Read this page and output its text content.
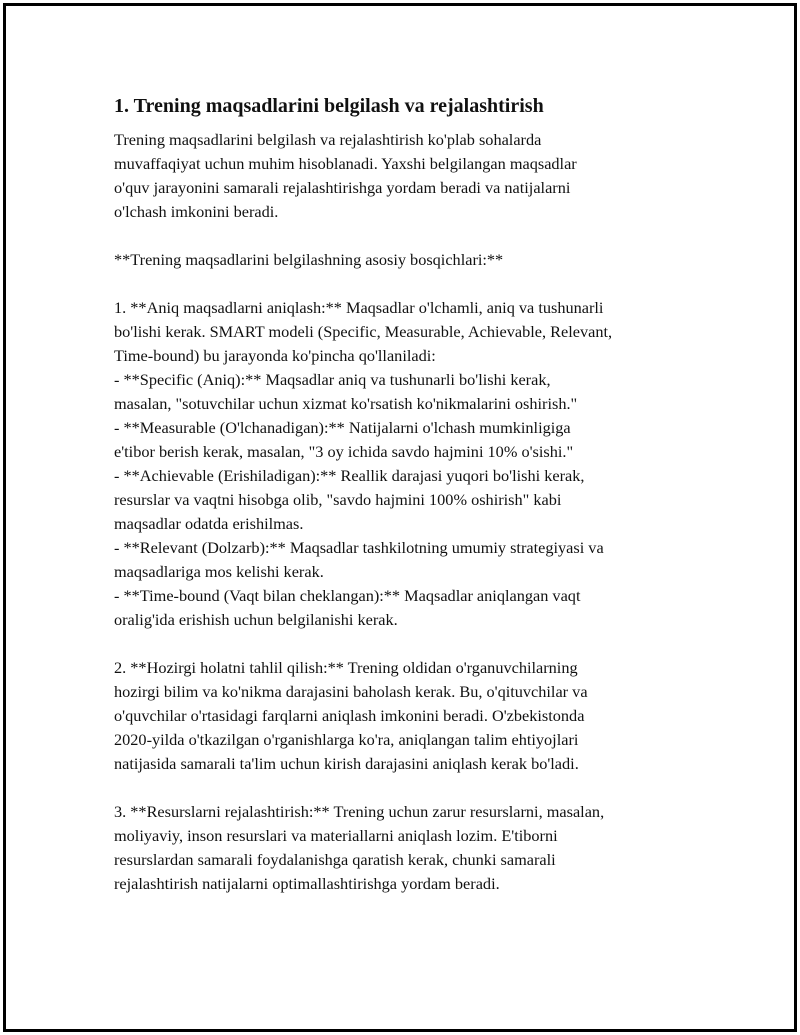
1. Trening maqsadlarini belgilash va rejalashtirish

Trening maqsadlarini belgilash va rejalashtirish ko'plab sohalarda
muvaffaqiyat uchun muhim hisoblanadi. Yaxshi belgilangan maqsadlar
o'quv jarayonini samarali rejalashtirishga yordam beradi va natijalarni
o'lchash imkonini beradi.

**Trening maqsadlarini belgilashning asosiy bosqichlari:**

1. **Aniq maqsadlarni aniqlash:** Maqsadlar o'lchamli, aniq va tushunarli
bo'lishi kerak. SMART modeli (Specific, Measurable, Achievable, Relevant,
Time-bound) bu jarayonda ko'pincha qo'llaniladi:
- **Specific (Aniq):** Maqsadlar aniq va tushunarli bo'lishi kerak,
masalan, "sotuvchilar uchun xizmat ko'rsatish ko'nikmalarini oshirish."
- **Measurable (O'lchanadigan):** Natijalarni o'lchash mumkinligiga
e'tibor berish kerak, masalan, "3 oy ichida savdo hajmini 10% o'sishi."
- **Achievable (Erishiladigan):** Reallik darajasi yuqori bo'lishi kerak,
resurslar va vaqtni hisobga olib, "savdo hajmini 100% oshirish" kabi
maqsadlar odatda erishilmas.
- **Relevant (Dolzarb):** Maqsadlar tashkilotning umumiy strategiyasi va
maqsadlariga mos kelishi kerak.
- **Time-bound (Vaqt bilan cheklangan):** Maqsadlar aniqlangan vaqt
oralig'ida erishish uchun belgilanishi kerak.

2. **Hozirgi holatni tahlil qilish:** Trening oldidan o'rganuvchilarning
hozirgi bilim va ko'nikma darajasini baholash kerak. Bu, o'qituvchilar va
o'quvchilar o'rtasidagi farqlarni aniqlash imkonini beradi. O'zbekistonda
2020-yilda o'tkazilgan o'rganishlarga ko'ra, aniqlangan talim ehtiyojlari
natijasida samarali ta'lim uchun kirish darajasini aniqlash kerak bo'ladi.

3. **Resurslarni rejalashtirish:** Trening uchun zarur resurslarni, masalan,
moliyaviy, inson resurslari va materiallarni aniqlash lozim. E'tiborni
resurslardan samarali foydalanishga qaratish kerak, chunki samarali
rejalashtirish natijalarni optimallashtirishga yordam beradi.
